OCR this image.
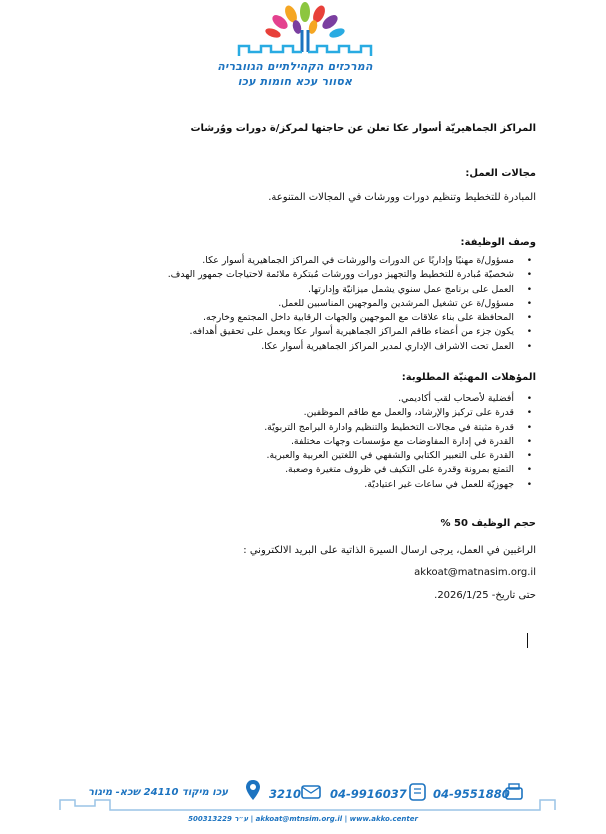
המרכזים הקהילתיים הגוובריה
אסוור עכא חומות עכו
المراكز الجماهيريّة أسوار عكا تعلن عن حاجتها لمركز/ة دورات ووُرشات
مجالات العمل:
المبادرة للتخطيط وتنظيم دورات وورشات في المجالات المتنوعة.
وصف الوظيفة:
• مسؤول/ة مهنيًا وإداريًا عن الدورات والورشات في المراكز الجماهيرية أسوار عكا.
• شخصيّة مُبادرة للتخطيط والتجهيز دورات وورشات مُبتكرة ملائمة لاحتياجات جمهور الهدف.
• العمل على برنامج عمل سنوي يشمل ميزانيّة وإدارتها.
• مسؤول/ة عن تشغيل المرشدين والموجهين المناسبين للعمل.
• المحافظة على بناء علاقات مع الموجهين والجهات الرقابية داخل المجتمع وخارجه.
• يكون جزء من أعضاء طاقم المراكز الجماهيرية أسوار عكا ويعمل على تحقيق أهدافه.
• العمل تحت الاشراف الإداري لمدير المراكز الجماهيرية أسوار عكا.
المؤهلات المهنيّة المطلوبة:
• أفضلية لأصحاب لقب أكاديمي.
• قدرة على تركيز والإرشاد، والعمل مع طاقم الموظفين.
• قدرة مثبتة في مجالات التخطيط والتنظيم وادارة البرامج التربويّة.
• القدرة في إدارة المفاوضات مع مؤسسات وجهات مختلفة.
• القدرة على التعبير الكتابي والشفهي في اللغتين العربية والعبرية.
• التمتع بمرونة وقدرة على التكيف في ظروف متغيرة وصعبة.
• جهوزيّة للعمل في ساعات غير اعتياديّة.
حجم الوظيف 50 %
الراغبين في العمل، يرجى ارسال السيرة الذاتية على البريد الالكتروني :
akkoat@matnasim.org.il
حتى تاريخ- 2026/1/25.
04-9551880
04-9916037
3210
עכו מיקוד 24110 שכא- מיגור
ע״ר 500313229 | akkoat@mtnsim.org.il | www.akko.center
